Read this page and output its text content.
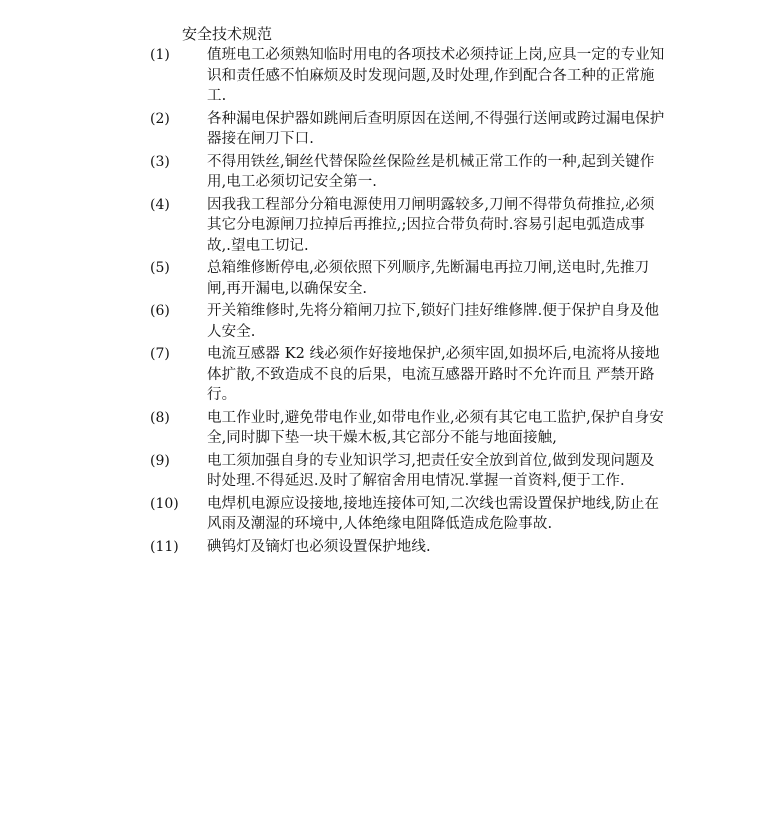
安全技术规范
(1)	值班电工必须熟知临时用电的各项技术必须持证上岗,应具一定的专业知识和责任感不怕麻烦及时发现问题,及时处理,作到配合各工种的正常施工.
(2)	各种漏电保护器如跳闸后查明原因在送闸,不得强行送闸或跨过漏电保护器接在闸刀下口.
(3)	不得用铁丝,铜丝代替保险丝保险丝是机械正常工作的一种,起到关键作用,电工必须切记安全第一.
(4)	因我我工程部分分箱电源使用刀闸明露较多,刀闸不得带负荷推拉,必须其它分电源闸刀拉掉后再推拉,;因拉合带负荷时.容易引起电弧造成事故,.望电工切记.
(5)	总箱维修断停电,必须依照下列顺序,先断漏电再拉刀闸,送电时,先推刀闸,再开漏电,以确保安全.
(6)	开关箱维修时,先将分箱闸刀拉下,锁好门挂好维修牌.便于保护自身及他人安全.
(7)	电流互感器 K2 线必须作好接地保护,必须牢固,如损坏后,电流将从接地体扩散,不致造成不良的后果，电流互感器开路时不允许而且 严禁开路行。
(8)	电工作业时,避免带电作业,如带电作业,必须有其它电工监护,保护自身安全,同时脚下垫一块干燥木板,其它部分不能与地面接触,
(9)	电工须加强自身的专业知识学习,把责任安全放到首位,做到发现问题及时处理.不得延迟.及时了解宿舍用电情况.掌握一首资料,便于工作.
(10)	电焊机电源应设接地,接地连接体可知,二次线也需设置保护地线,防止在风雨及潮湿的环境中,人体绝缘电阻降低造成危险事故.
(11)	碘钨灯及镝灯也必须设置保护地线.
